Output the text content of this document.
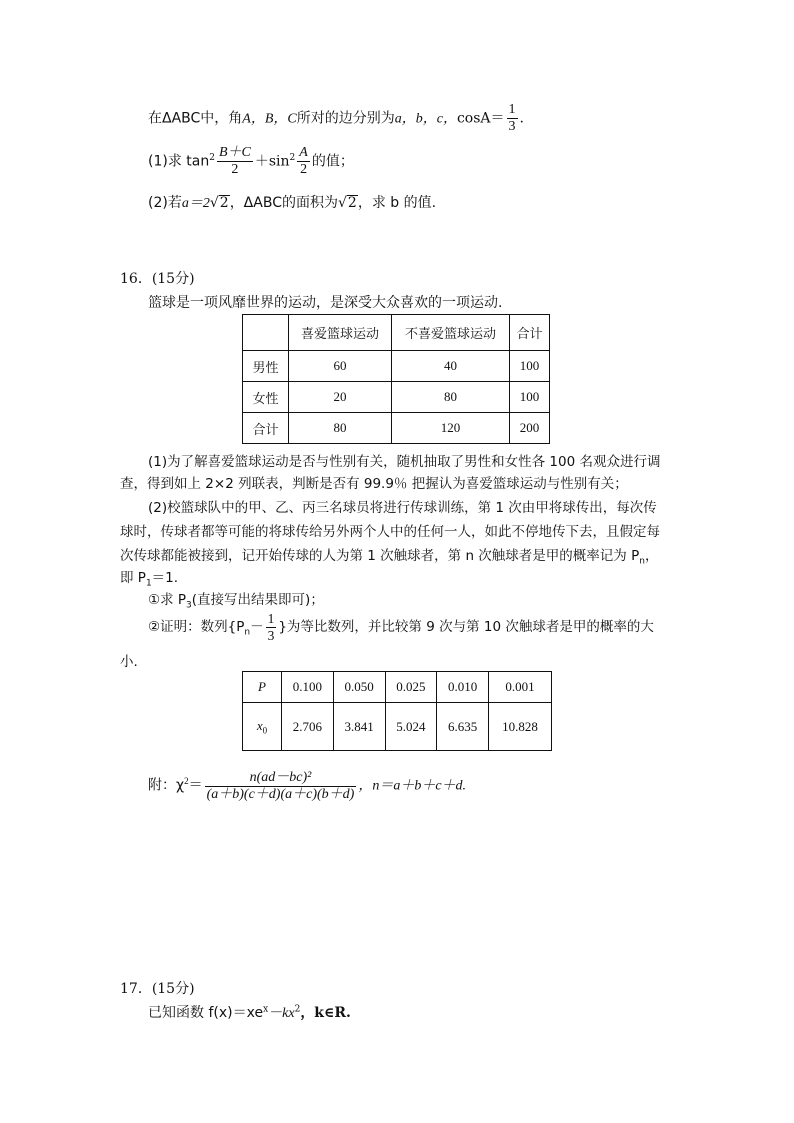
在ΔABC中，角A，B，C所对的边分别为a，b，c，$\cos A= \frac{1}{3}$ .
(1)求 $\tan^2 \frac{B+C}{2} +\sin^2 \frac{A}{2}$ 的值；
(2)若a＝2√2，ΔABC的面积为√2，求 b 的值.
16．(15分)
篮球是一项风靡世界的运动，是深受大众喜欢的一项运动.
	喜爱篮球运动	不喜爱篮球运动	合计
男性	60	40	100
女性	20	80	100
合计	80	120	200
(1)为了解喜爱篮球运动是否与性别有关，随机抽取了男性和女性各 100 名观众进行调
查，得到如上 2×2 列联表，判断是否有 99.9％ 把握认为喜爱篮球运动与性别有关；
(2)校篮球队中的甲、乙、丙三名球员将进行传球训练，第 1 次由甲将球传出，每次传
球时，传球者都等可能的将球传给另外两个人中的任何一人，如此不停地传下去，且假定每
次传球都能被接到，记开始传球的人为第 1 次触球者，第 n 次触球者是甲的概率记为 $P_n$，
即 $P_1=1$.
①求 $P_3$(直接写出结果即可)；
②证明：数列{$P_n- \frac{1}{3}$ }为等比数列，并比较第 9 次与第 10 次触球者是甲的概率的大
小.
P	0.100	0.050	0.025	0.010	0.001
$x_0$	2.706	3.841	5.024	6.635	10.828
附：$\chi^2= \frac{\text{n(ad－bc)²}}{(a+b)(c+d)(a+c)(b+d)}$ ，n＝a＋b＋c＋d.
17．(15分)
已知函数 $f(x)=xe^x-kx^2$，k∈R.
